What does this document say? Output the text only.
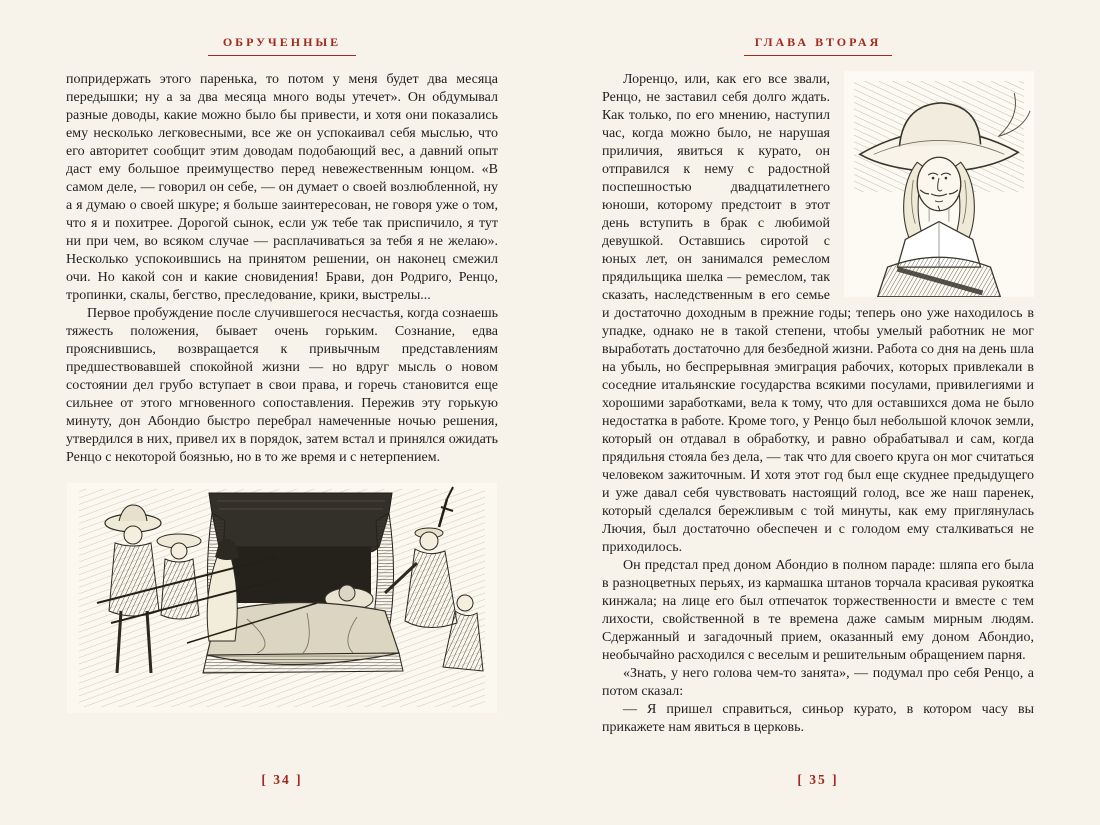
ОБРУЧЕННЫЕ

попридержать этого паренька, то потом у меня будет два месяца передышки; ну а за два месяца много воды утечет». Он обдумывал разные доводы, какие можно было бы привести, и хотя они показались ему несколько легковесными, все же он успокаивал себя мыслью, что его авторитет сообщит этим доводам подобающий вес, а давний опыт даст ему большое преимущество перед невежественным юнцом. «В самом деле, — говорил он себе, — он думает о своей возлюбленной, ну а я думаю о своей шкуре; я больше заинтересован, не говоря уже о том, что я и похитрее. Дорогой сынок, если уж тебе так приспичило, я тут ни при чем, во всяком случае — расплачиваться за тебя я не желаю». Несколько успокоившись на принятом решении, он наконец смежил очи. Но какой сон и какие сновидения! Брави, дон Родриго, Ренцо, тропинки, скалы, бегство, преследование, крики, выстрелы...

Первое пробуждение после случившегося несчастья, когда сознаешь тяжесть положения, бывает очень горьким. Сознание, едва прояснившись, возвращается к привычным представлениям предшествовавшей спокойной жизни — но вдруг мысль о новом состоянии дел грубо вступает в свои права, и горечь становится еще сильнее от этого мгновенного сопоставления. Пережив эту горькую минуту, дон Абондио быстро перебрал намеченные ночью решения, утвердился в них, привел их в порядок, затем встал и принялся ожидать Ренцо с некоторой боязнью, но в то же время и с нетерпением.

[ 34 ]
ГЛАВА ВТОРАЯ

Лоренцо, или, как его все звали, Ренцо, не заставил себя долго ждать. Как только, по его мнению, наступил час, когда можно было, не нарушая приличия, явиться к курато, он отправился к нему с радостной поспешностью двадцатилетнего юноши, которому предстоит в этот день вступить в брак с любимой девушкой. Оставшись сиротой с юных лет, он занимался ремеслом прядильщика шелка — ремеслом, так сказать, наследственным в его семье и достаточно доходным в прежние годы; теперь оно уже находилось в упадке, однако не в такой степени, чтобы умелый работник не мог выработать достаточно для безбедной жизни. Работа со дня на день шла на убыль, но беспрерывная эмиграция рабочих, которых привлекали в соседние итальянские государства всякими посулами, привилегиями и хорошими заработками, вела к тому, что для оставшихся дома не было недостатка в работе. Кроме того, у Ренцо был небольшой клочок земли, который он отдавал в обработку, и равно обрабатывал и сам, когда прядильня стояла без дела, — так что для своего круга он мог считаться человеком зажиточным. И хотя этот год был еще скуднее предыдущего и уже давал себя чувствовать настоящий голод, все же наш паренек, который сделался бережливым с той минуты, как ему приглянулась Лючия, был достаточно обеспечен и с голодом ему сталкиваться не приходилось.

Он предстал пред доном Абондио в полном параде: шляпа его была в разноцветных перьях, из кармашка штанов торчала красивая рукоятка кинжала; на лице его был отпечаток торжественности и вместе с тем лихости, свойственной в те времена даже самым мирным людям. Сдержанный и загадочный прием, оказанный ему доном Абондио, необычайно расходился с веселым и решительным обращением парня.

«Знать, у него голова чем-то занята», — подумал про себя Ренцо, а потом сказал:

— Я пришел справиться, синьор курато, в котором часу вы прикажете нам явиться в церковь.

[ 35 ]
